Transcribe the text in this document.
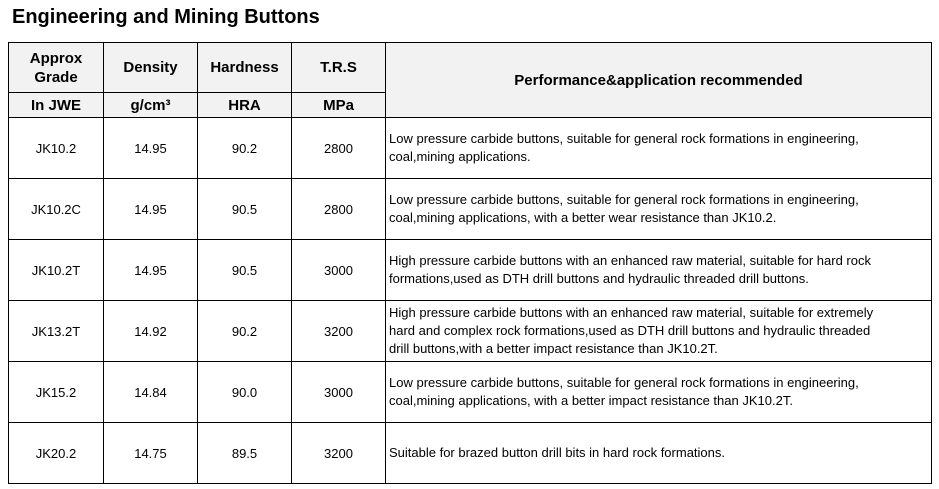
Engineering and Mining Buttons
Approx Grade	Density	Hardness	T.R.S	Performance&application recommended
In JWE	g/cm³	HRA	MPa	
JK10.2	14.95	90.2	2800	Low pressure carbide buttons, suitable for general rock formations in engineering,
coal,mining applications.

JK10.2C	14.95	90.5	2800	Low pressure carbide buttons, suitable for general rock formations in engineering,
coal,mining applications, with a better wear resistance than JK10.2.

JK10.2T	14.95	90.5	3000	High pressure carbide buttons with an enhanced raw material, suitable for hard rock
formations,used as DTH drill buttons and hydraulic threaded drill buttons.

JK13.2T	14.92	90.2	3200	High pressure carbide buttons with an enhanced raw material, suitable for extremely
hard and complex rock formations,used as DTH drill buttons and hydraulic threaded
drill buttons,with a better impact resistance than JK10.2T.

JK15.2	14.84	90.0	3000	Low pressure carbide buttons, suitable for general rock formations in engineering,
coal,mining applications, with a better impact resistance than JK10.2T.

JK20.2	14.75	89.5	3200	Suitable for brazed button drill bits in hard rock formations.
